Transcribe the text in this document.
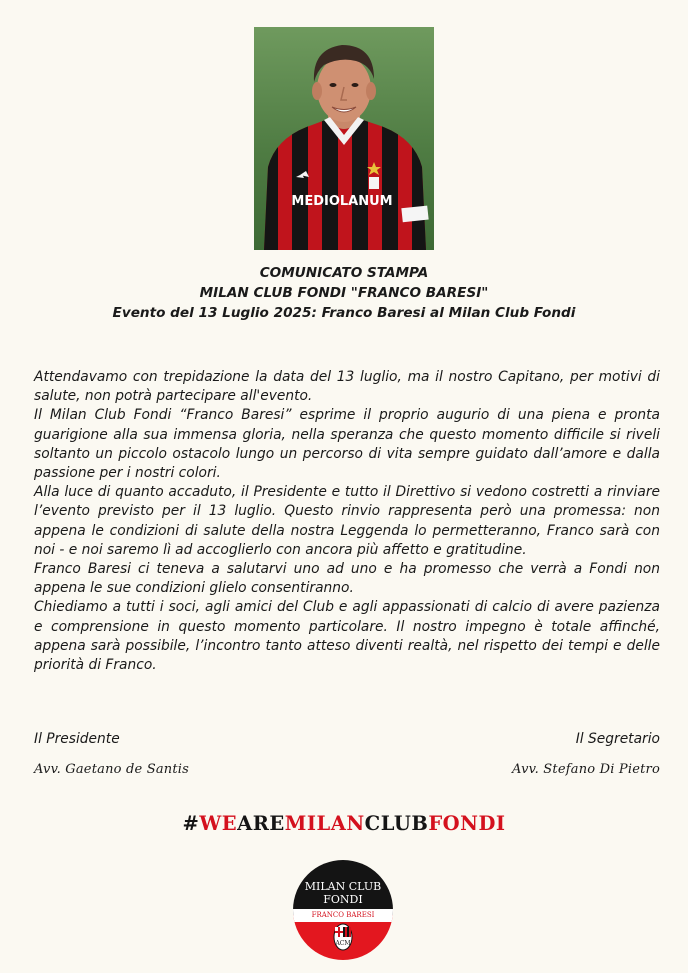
MEDIOLANUM
COMUNICATO STAMPA
MILAN CLUB FONDI "FRANCO BARESI"
Evento del 13 Luglio 2025: Franco Baresi al Milan Club Fondi

Attendavamo con trepidazione la data del 13 luglio, ma il nostro Capitano, per motivi di salute, non potrà partecipare all'evento.

Il Milan Club Fondi “Franco Baresi” esprime il proprio augurio di una piena e pronta guarigione alla sua immensa gloria, nella speranza che questo momento difficile si riveli soltanto un piccolo ostacolo lungo un percorso di vita sempre guidato dall’amore e dalla passione per i nostri colori.

Alla luce di quanto accaduto, il Presidente e tutto il Direttivo si vedono costretti a rinviare l’evento previsto per il 13 luglio. Questo rinvio rappresenta però una promessa: non appena le condizioni di salute della nostra Leggenda lo permetteranno, Franco sarà con noi - e noi saremo lì ad accoglierlo con ancora più affetto e gratitudine.

Franco Baresi ci teneva a salutarvi uno ad uno e ha promesso che verrà a Fondi non appena le sue condizioni glielo consentiranno.

Chiediamo a tutti i soci, agli amici del Club e agli appassionati di calcio di avere pazienza e comprensione in questo momento particolare. Il nostro impegno è totale affinché, appena sarà possibile, l’incontro tanto atteso diventi realtà, nel rispetto dei tempi e delle priorità di Franco.

Il Presidente
Avv. Gaetano de Santis
Il Segretario
Avv. Stefano Di Pietro
#WEAREMILANCLUBFONDI
MILAN CLUB
FONDI
FRANCO BARESI
ACM
